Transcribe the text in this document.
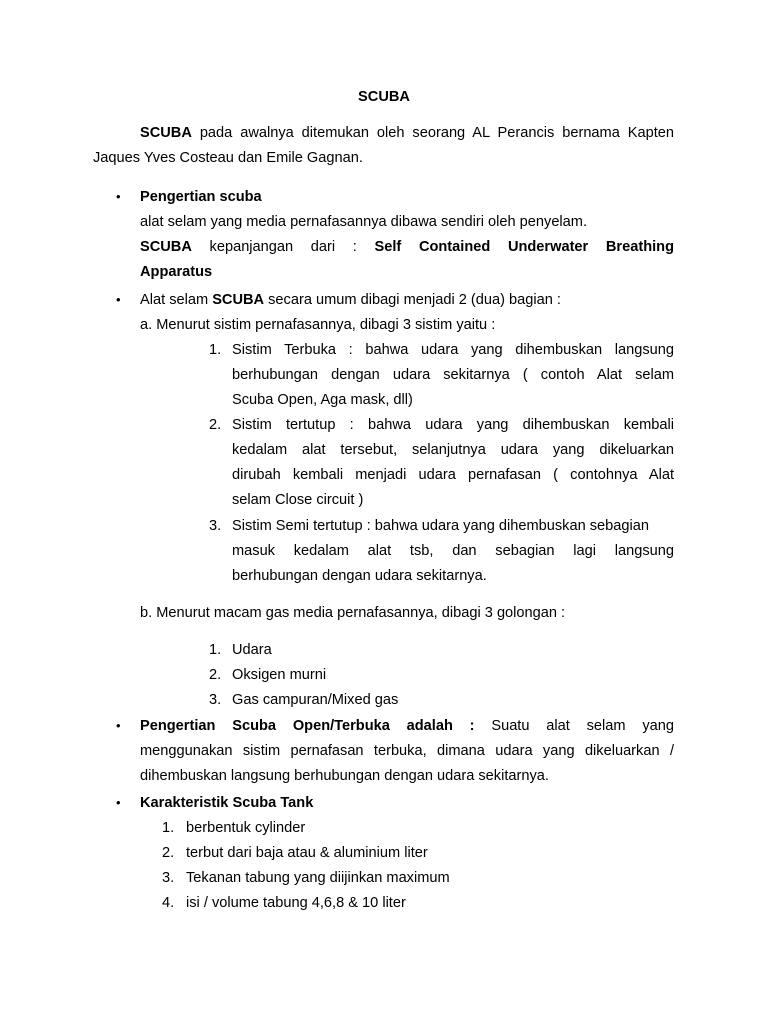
SCUBA
SCUBA pada awalnya ditemukan oleh seorang AL Perancis bernama Kapten
Jaques Yves Costeau dan Emile Gagnan.
• Pengertian scuba
alat selam yang media pernafasannya dibawa sendiri oleh penyelam.
SCUBA kepanjangan dari : Self Contained Underwater Breathing
Apparatus
• Alat selam SCUBA secara umum dibagi menjadi 2 (dua) bagian :
a. Menurut sistim pernafasannya, dibagi 3 sistim yaitu :
1. Sistim Terbuka : bahwa udara yang dihembuskan langsung
berhubungan dengan udara sekitarnya ( contoh Alat selam
Scuba Open, Aga mask, dll)
2. Sistim tertutup : bahwa udara yang dihembuskan kembali
kedalam alat tersebut, selanjutnya udara yang dikeluarkan
dirubah kembali menjadi udara pernafasan ( contohnya Alat
selam Close circuit )
3. Sistim Semi tertutup : bahwa udara yang dihembuskan sebagian
masuk kedalam alat tsb, dan sebagian lagi langsung
berhubungan dengan udara sekitarnya.
b. Menurut macam gas media pernafasannya, dibagi 3 golongan :
1. Udara
2. Oksigen murni
3. Gas campuran/Mixed gas
• Pengertian Scuba Open/Terbuka adalah : Suatu alat selam yang
menggunakan sistim pernafasan terbuka, dimana udara yang dikeluarkan /
dihembuskan langsung berhubungan dengan udara sekitarnya.
• Karakteristik Scuba Tank
1. berbentuk cylinder
2. terbut dari baja atau & aluminium liter
3. Tekanan tabung yang diijinkan maximum
4. isi / volume tabung 4,6,8 & 10 liter
